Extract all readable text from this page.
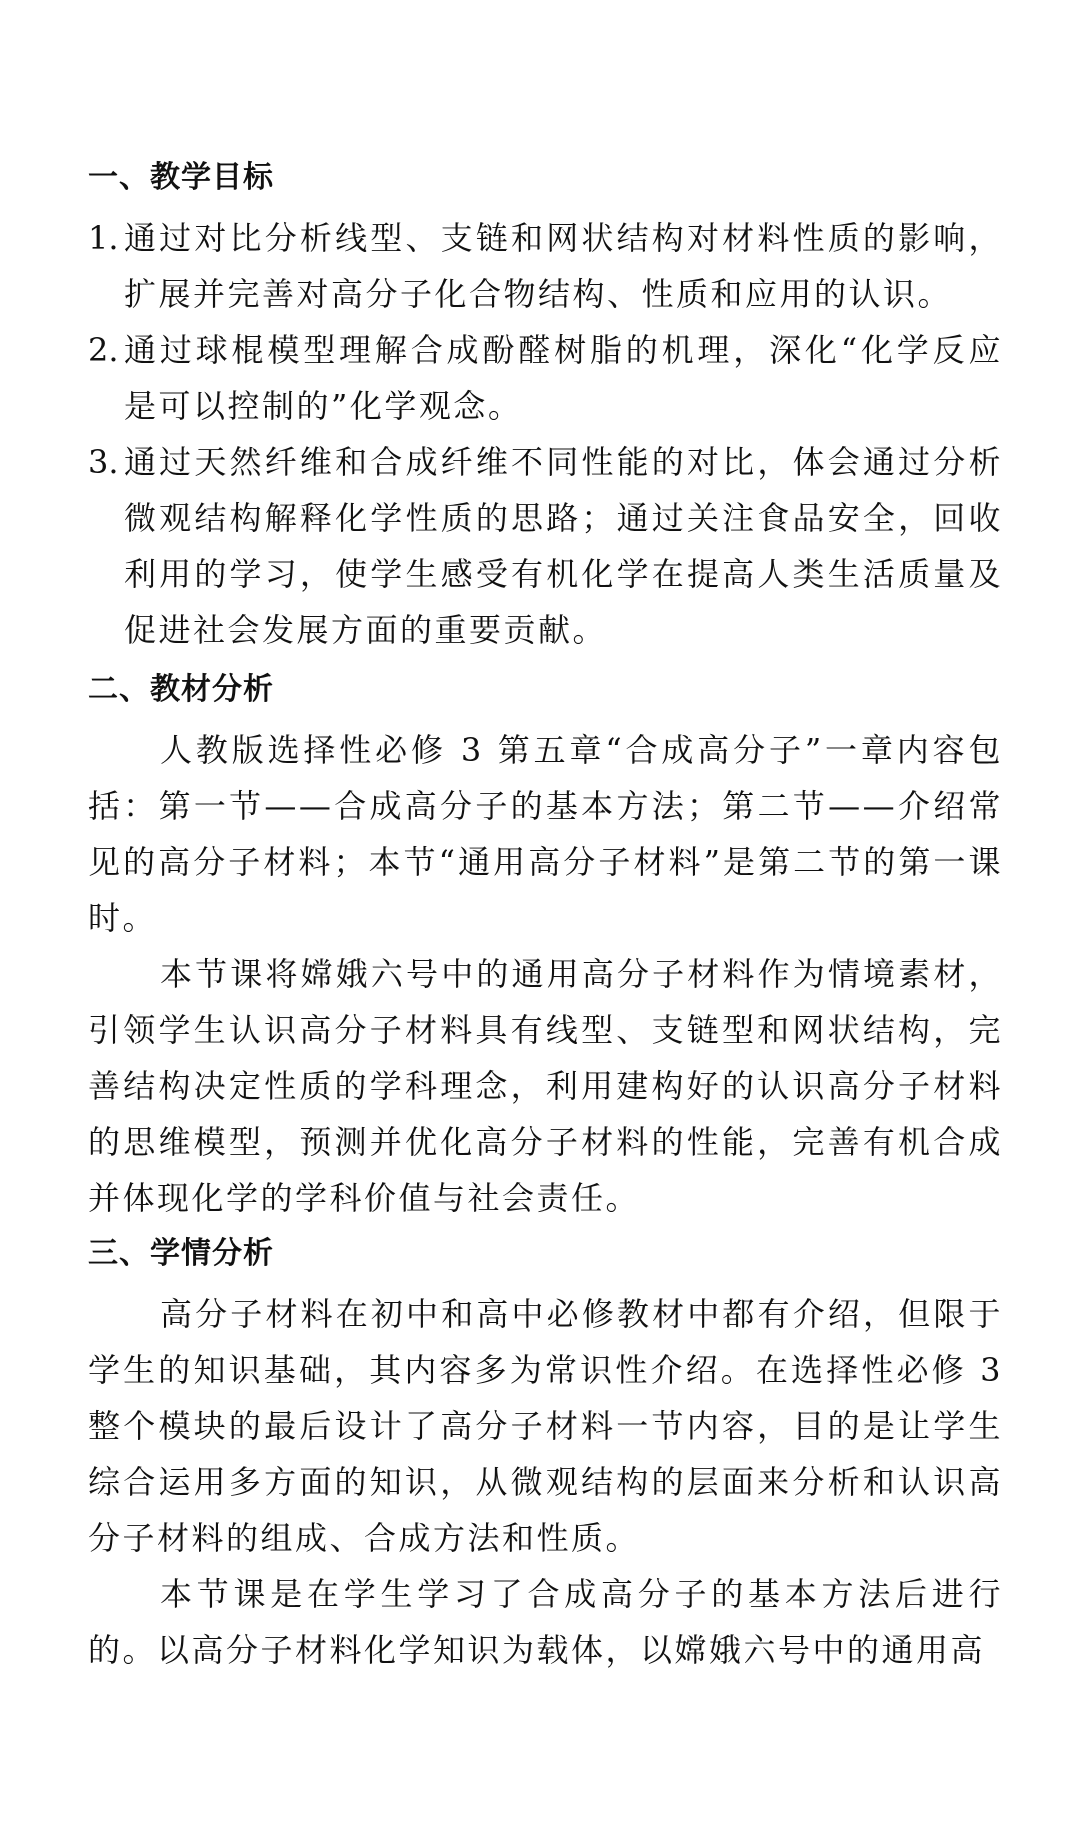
一、教学目标
1. 通过对比分析线型、支链和网状结构对材料性质的影响，扩展并完善对高分子化合物结构、性质和应用的认识。
2. 通过球棍模型理解合成酚醛树脂的机理，深化“化学反应是可以控制的”化学观念。
3. 通过天然纤维和合成纤维不同性能的对比，体会通过分析微观结构解释化学性质的思路；通过关注食品安全，回收利用的学习，使学生感受有机化学在提高人类生活质量及促进社会发展方面的重要贡献。
二、教材分析

人教版选择性必修 3 第五章“合成高分子”一章内容包括：第一节——合成高分子的基本方法；第二节——介绍常见的高分子材料；本节“通用高分子材料”是第二节的第一课时。

本节课将嫦娥六号中的通用高分子材料作为情境素材，引领学生认识高分子材料具有线型、支链型和网状结构，完善结构决定性质的学科理念，利用建构好的认识高分子材料的思维模型，预测并优化高分子材料的性能，完善有机合成并体现化学的学科价值与社会责任。

三、学情分析

高分子材料在初中和高中必修教材中都有介绍，但限于学生的知识基础，其内容多为常识性介绍。在选择性必修 3 整个模块的最后设计了高分子材料一节内容，目的是让学生综合运用多方面的知识，从微观结构的层面来分析和认识高分子材料的组成、合成方法和性质。

本节课是在学生学习了合成高分子的基本方法后进行的。以高分子材料化学知识为载体，以嫦娥六号中的通用高
